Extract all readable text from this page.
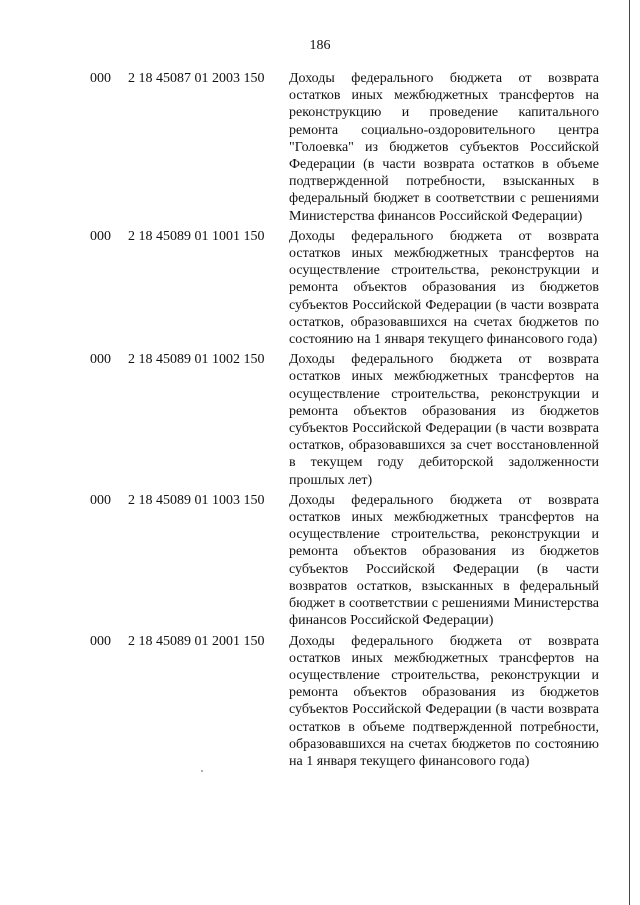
186
000 2 18 45087 01 2003 150 Доходы федерального бюджета от возврата остатков иных межбюджетных трансфертов на реконструкцию и проведение капитального ремонта социально-оздоровительного центра "Голоевка" из бюджетов субъектов Российской Федерации (в части возврата остатков в объеме подтвержденной потребности, взысканных в федеральный бюджет в соответствии с решениями Министерства финансов Российской Федерации)
000 2 18 45089 01 1001 150 Доходы федерального бюджета от возврата остатков иных межбюджетных трансфертов на осуществление строительства, реконструкции и ремонта объектов образования из бюджетов субъектов Российской Федерации (в части возврата остатков, образовавшихся на счетах бюджетов по состоянию на 1 января текущего финансового года)
000 2 18 45089 01 1002 150 Доходы федерального бюджета от возврата остатков иных межбюджетных трансфертов на осуществление строительства, реконструкции и ремонта объектов образования из бюджетов субъектов Российской Федерации (в части возврата остатков, образовавшихся за счет восстановленной в текущем году дебиторской задолженности прошлых лет)
000 2 18 45089 01 1003 150 Доходы федерального бюджета от возврата остатков иных межбюджетных трансфертов на осуществление строительства, реконструкции и ремонта объектов образования из бюджетов субъектов Российской Федерации (в части возвратов остатков, взысканных в федеральный бюджет в соответствии с решениями Министерства финансов Российской Федерации)
000 2 18 45089 01 2001 150 Доходы федерального бюджета от возврата остатков иных межбюджетных трансфертов на осуществление строительства, реконструкции и ремонта объектов образования из бюджетов субъектов Российской Федерации (в части возврата остатков в объеме подтвержденной потребности, образовавшихся на счетах бюджетов по состоянию на 1 января текущего финансового года)
